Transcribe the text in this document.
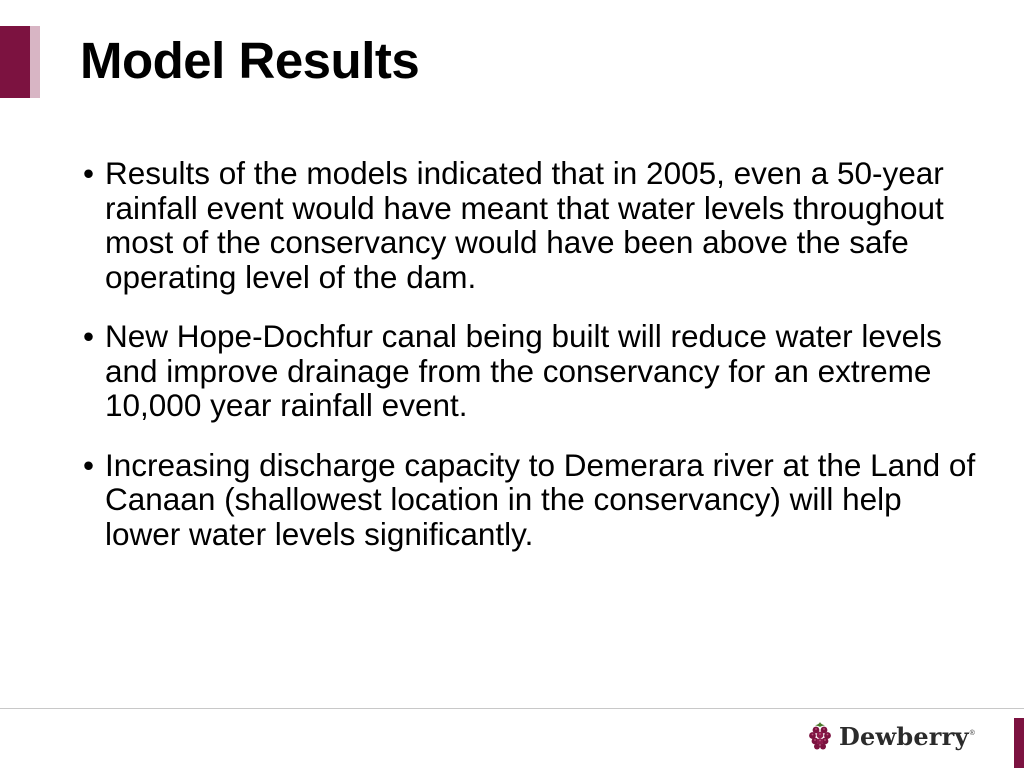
Model Results
• Results of the models indicated that in 2005, even a 50-year rainfall event would have meant that water levels throughout most of the conservancy would have been above the safe operating level of the dam.
• New Hope-Dochfur canal being built will reduce water levels and improve drainage from the conservancy for an extreme 10,000 year rainfall event.
• Increasing discharge capacity to Demerara river at the Land of Canaan (shallowest location in the conservancy) will help lower water levels significantly.
Dewberry ®
